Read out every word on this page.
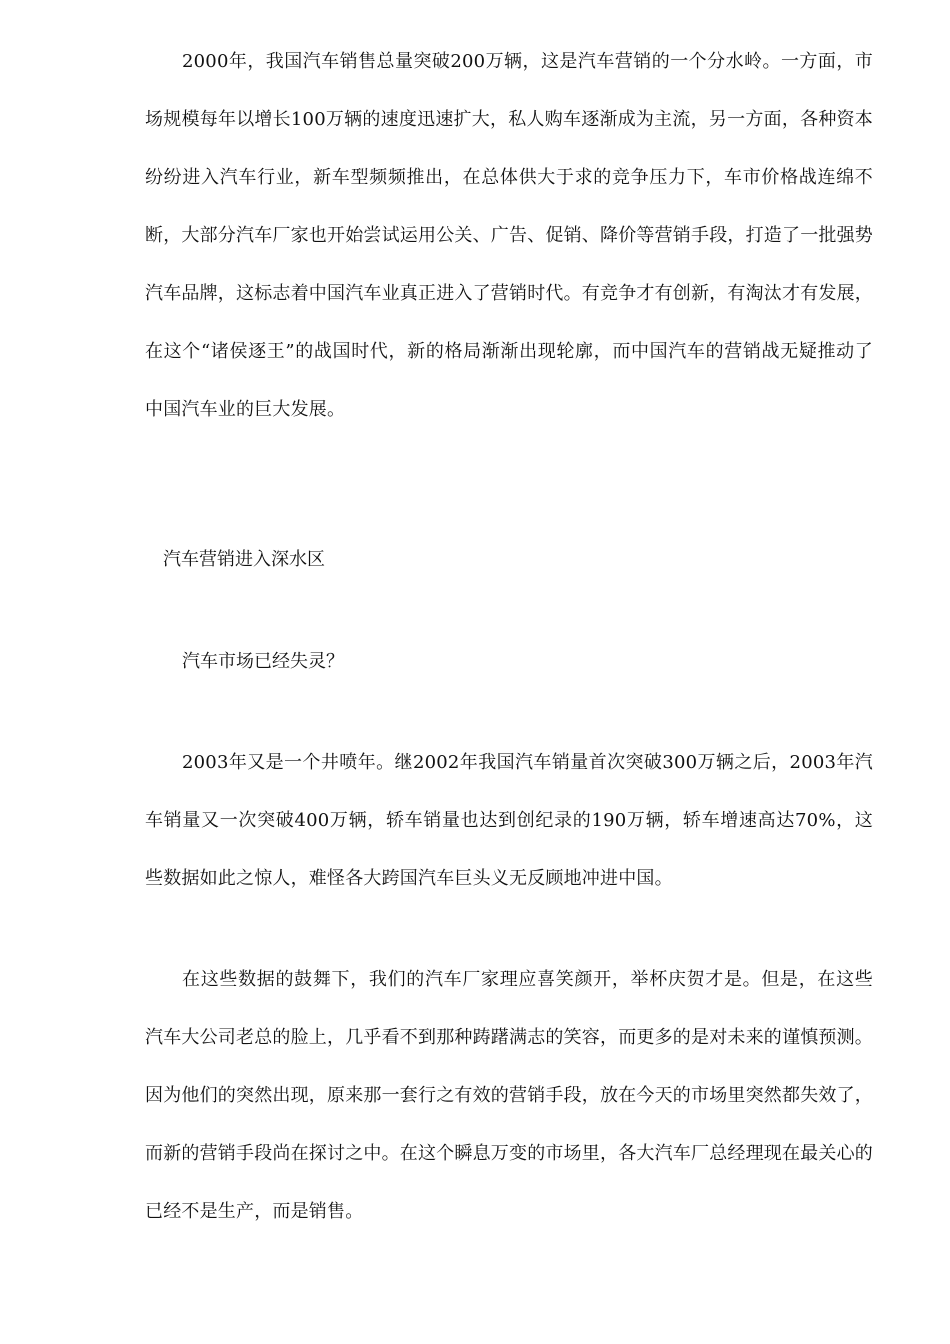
2000年，我国汽车销售总量突破200万辆，这是汽车营销的一个分水岭。一方面，市场规模每年以增长100万辆的速度迅速扩大，私人购车逐渐成为主流，另一方面，各种资本纷纷进入汽车行业，新车型频频推出，在总体供大于求的竞争压力下，车市价格战连绵不断，大部分汽车厂家也开始尝试运用公关、广告、促销、降价等营销手段，打造了一批强势汽车品牌，这标志着中国汽车业真正进入了营销时代。有竞争才有创新，有淘汰才有发展，在这个“诸侯逐王”的战国时代，新的格局渐渐出现轮廓，而中国汽车的营销战无疑推动了中国汽车业的巨大发展。

汽车营销进入深水区
汽车市场已经失灵？

2003年又是一个井喷年。继2002年我国汽车销量首次突破300万辆之后，2003年汽车销量又一次突破400万辆，轿车销量也达到创纪录的190万辆，轿车增速高达70%，这些数据如此之惊人，难怪各大跨国汽车巨头义无反顾地冲进中国。

在这些数据的鼓舞下，我们的汽车厂家理应喜笑颜开，举杯庆贺才是。但是，在这些汽车大公司老总的脸上，几乎看不到那种踌躇满志的笑容，而更多的是对未来的谨慎预测。因为他们的突然出现，原来那一套行之有效的营销手段，放在今天的市场里突然都失效了，而新的营销手段尚在探讨之中。在这个瞬息万变的市场里，各大汽车厂总经理现在最关心的已经不是生产，而是销售。
